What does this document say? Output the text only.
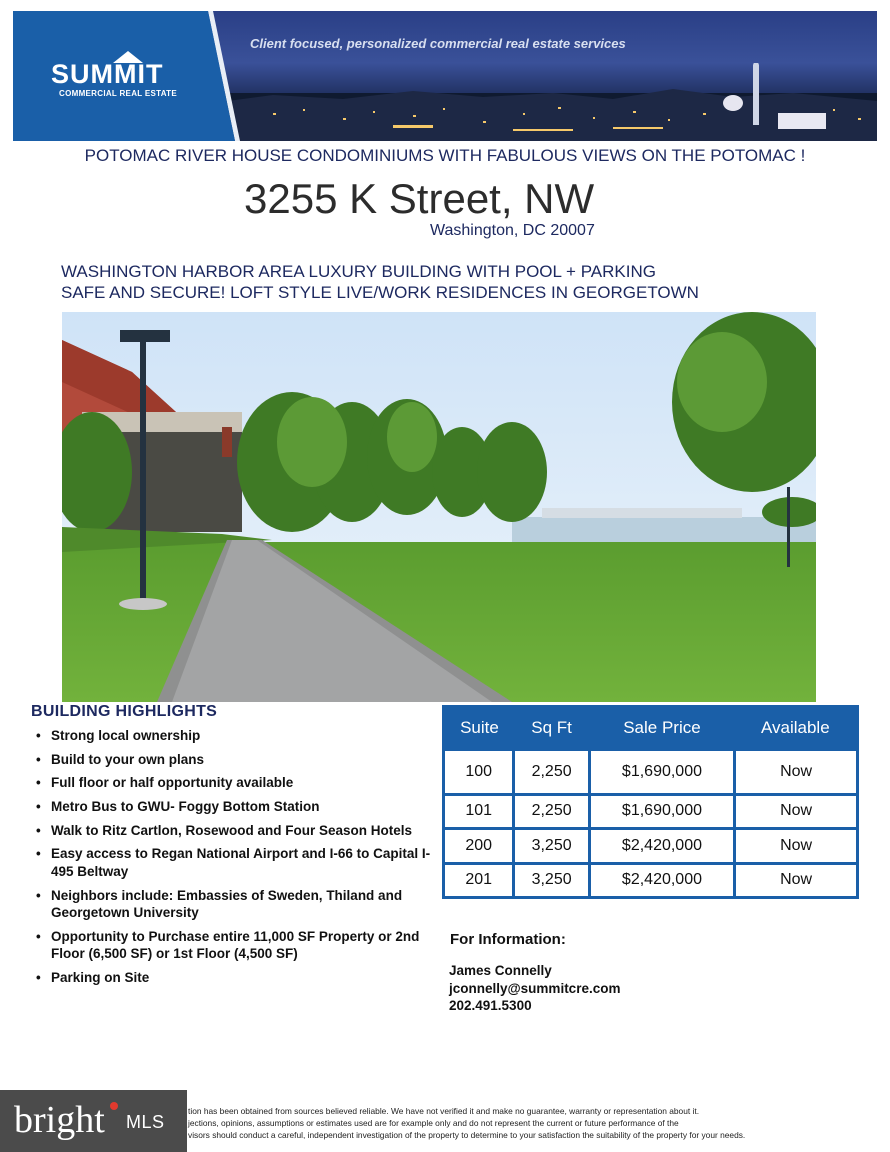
SUMMIT
COMMERCIAL REAL ESTATE
Client focused, personalized commercial real estate services
POTOMAC RIVER HOUSE CONDOMINIUMS WITH FABULOUS VIEWS ON THE POTOMAC !
3255 K Street, NW
Washington, DC 20007
WASHINGTON HARBOR AREA LUXURY BUILDING WITH POOL + PARKING
SAFE AND SECURE! LOFT STYLE LIVE/WORK RESIDENCES IN GEORGETOWN
BUILDING HIGHLIGHTS
• Strong local ownership
• Build to your own plans
• Full floor or half opportunity available
• Metro Bus to GWU- Foggy Bottom Station
• Walk to Ritz Cartlon, Rosewood and Four Season Hotels
• Easy access to Regan National Airport and I-66 to Capital I-495 Beltway
• Neighbors include: Embassies of Sweden, Thiland and Georgetown University
• Opportunity to Purchase entire 11,000 SF Property or 2nd Floor (6,500 SF) or 1st Floor (4,500 SF)
• Parking on Site
Suite	Sq Ft	Sale Price	Available
100	2,250	$1,690,000	Now
101	2,250	$1,690,000	Now
200	3,250	$2,420,000	Now
201	3,250	$2,420,000	Now
For Information:
James Connelly
jconnelly@summitcre.com
202.491.5300
tion has been obtained from sources believed reliable. We have not verified it and make no guarantee, warranty or representation about it.
jections, opinions, assumptions or estimates used are for example only and do not represent the current or future performance of the
visors should conduct a careful, independent investigation of the property to determine to your satisfaction the suitability of the property for your needs.
bright MLS
